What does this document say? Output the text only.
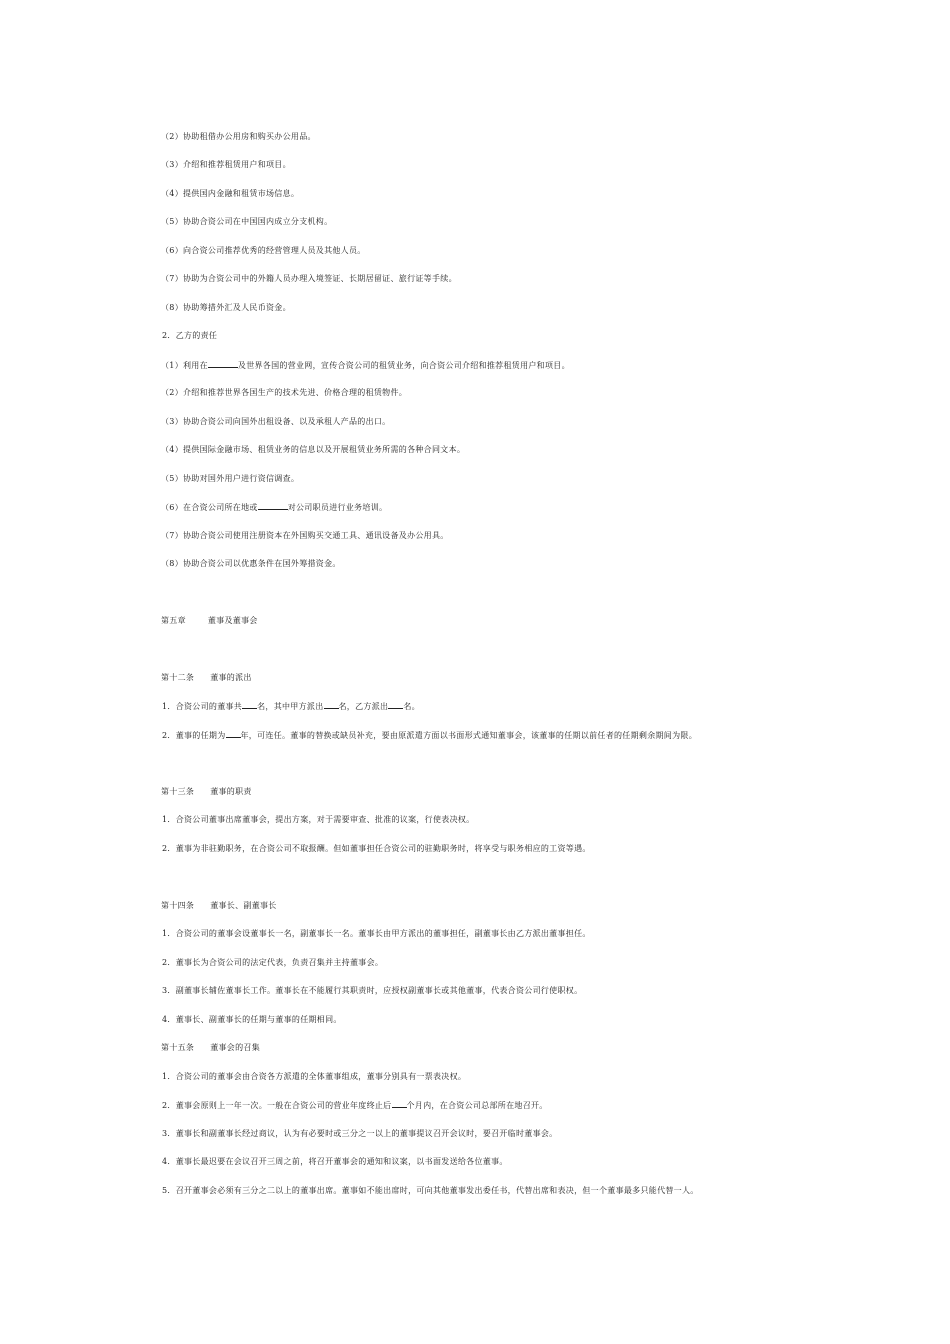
（2）协助租借办公用房和购买办公用品。
（3）介绍和推荐租赁用户和项目。
（4）提供国内金融和租赁市场信息。
（5）协助合资公司在中国国内成立分支机构。
（6）向合资公司推荐优秀的经营管理人员及其他人员。
（7）协助为合资公司中的外籍人员办理入境签证、长期居留证、旅行证等手续。
（8）协助筹措外汇及人民币资金。
2．乙方的责任
（1）利用在	及世界各国的营业网，宣传合资公司的租赁业务，向合资公司介绍和推荐租赁用户和项目。
（2）介绍和推荐世界各国生产的技术先进、价格合理的租赁物件。
（3）协助合资公司向国外出租设备、以及承租人产品的出口。
（4）提供国际金融市场、租赁业务的信息以及开展租赁业务所需的各种合同文本。
（5）协助对国外用户进行资信调查。
（6）在合资公司所在地或	对公司职员进行业务培训。
（7）协助合资公司使用注册资本在外国购买交通工具、通讯设备及办公用具。
（8）协助合资公司以优惠条件在国外筹措资金。
第五章	董事及董事会
第十二条 董事的派出
1．合资公司的董事共 名，其中甲方派出 名，乙方派出 名。
2．董事的任期为 年，可连任。董事的替换或缺员补充，要由原派遣方面以书面形式通知董事会，该董事的任期以前任者的任期剩余期间为限。
第十三条 董事的职责
1．合资公司董事出席董事会，提出方案，对于需要审查、批准的议案，行使表决权。
2．董事为非驻勤职务，在合资公司不取报酬。但如董事担任合资公司的驻勤职务时，将享受与职务相应的工资等遇。
第十四条 董事长、副董事长
1．合资公司的董事会设董事长一名，副董事长一名。董事长由甲方派出的董事担任，副董事长由乙方派出董事担任。
2．董事长为合资公司的法定代表，负责召集并主持董事会。
3．副董事长辅佐董事长工作。董事长在不能履行其职责时，应授权副董事长或其他董事，代表合资公司行使职权。
4．董事长、副董事长的任期与董事的任期相同。
第十五条 董事会的召集
1．合资公司的董事会由合资各方派遣的全体董事组成，董事分别具有一票表决权。
2．董事会原则上一年一次。一般在合资公司的营业年度终止后 个月内，在合资公司总部所在地召开。
3．董事长和副董事长经过商议，认为有必要时或三分之一以上的董事提议召开会议时，要召开临时董事会。
4．董事长最迟要在会议召开三周之前，将召开董事会的通知和议案，以书面发送给各位董事。
5．召开董事会必须有三分之二以上的董事出席。董事如不能出席时，可向其他董事发出委任书，代替出席和表决，但一个董事最多只能代替一人。
